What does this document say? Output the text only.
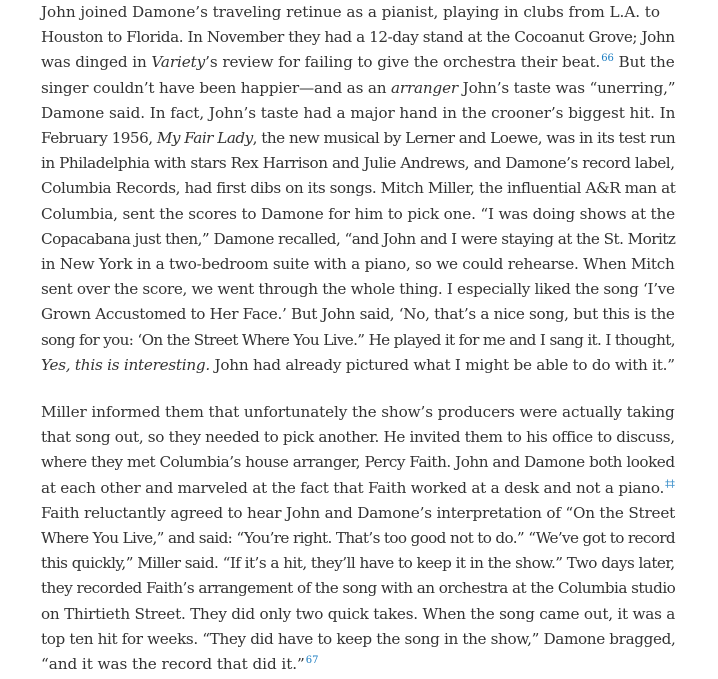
John joined Damone’s traveling retinue as a pianist, playing in clubs from L.A. to
Houston to Florida. In November they had a 12-day stand at the Cocoanut Grove; John
was dinged in Variety’s review for failing to give the orchestra their beat.$^{66}$ But the
singer couldn’t have been happier—and as an arranger John’s taste was “unerring,”
Damone said. In fact, John’s taste had a major hand in the crooner’s biggest hit. In
February 1956, My Fair Lady, the new musical by Lerner and Loewe, was in its test run
in Philadelphia with stars Rex Harrison and Julie Andrews, and Damone’s record label,
Columbia Records, had first dibs on its songs. Mitch Miller, the influential A&R man at
Columbia, sent the scores to Damone for him to pick one. “I was doing shows at the
Copacabana just then,” Damone recalled, “and John and I were staying at the St. Moritz
in New York in a two-bedroom suite with a piano, so we could rehearse. When Mitch
sent over the score, we went through the whole thing. I especially liked the song ‘I’ve
Grown Accustomed to Her Face.’ But John said, ‘No, that’s a nice song, but this is the
song for you: ‘On the Street Where You Live.” He played it for me and I sang it. I thought,
Yes, this is interesting. John had already pictured what I might be able to do with it.”

Miller informed them that unfortunately the show’s producers were actually taking
that song out, so they needed to pick another. He invited them to his office to discuss,
where they met Columbia’s house arranger, Percy Faith. John and Damone both looked
at each other and marveled at the fact that Faith worked at a desk and not a piano.‡‡
Faith reluctantly agreed to hear John and Damone’s interpretation of “On the Street
Where You Live,” and said: “You’re right. That’s too good not to do.” “We’ve got to record
this quickly,” Miller said. “If it’s a hit, they’ll have to keep it in the show.” Two days later,
they recorded Faith’s arrangement of the song with an orchestra at the Columbia studio
on Thirtieth Street. They did only two quick takes. When the song came out, it was a
top ten hit for weeks. “They did have to keep the song in the show,” Damone bragged,
“and it was the record that did it.”$^{67}$
